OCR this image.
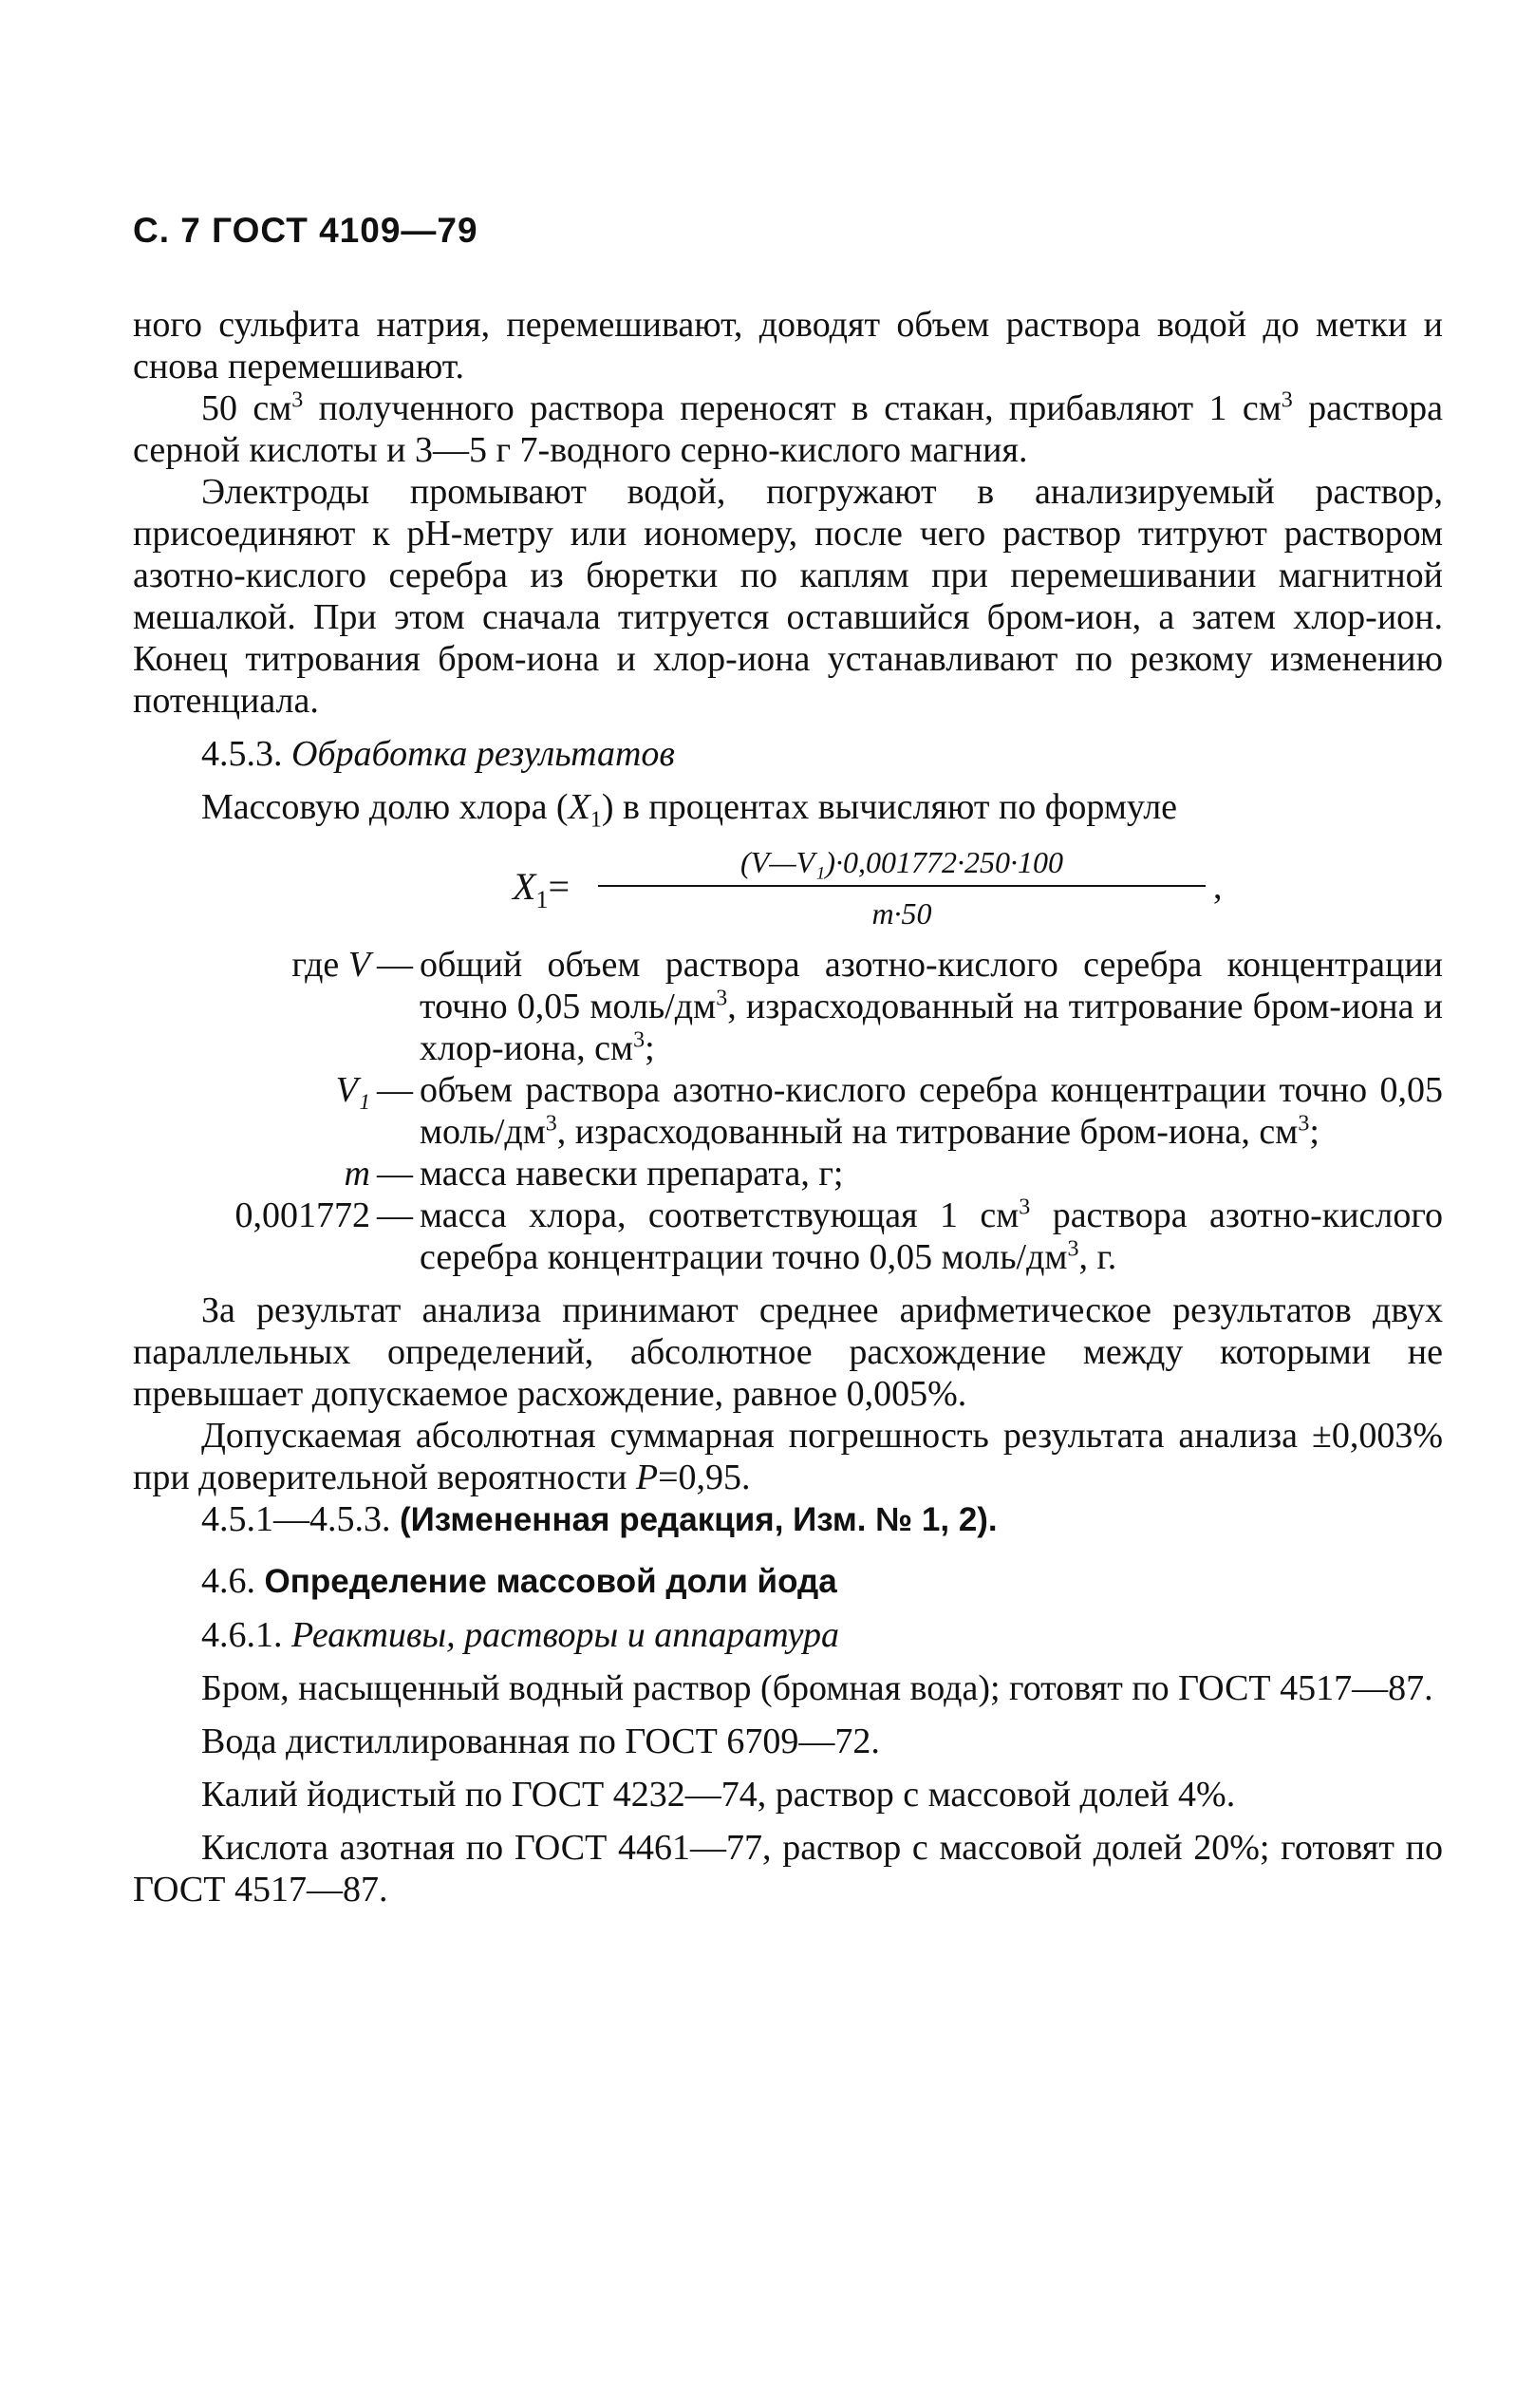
С. 7 ГОСТ 4109—79

ного сульфита натрия, перемешивают, доводят объем раствора водой до метки и снова перемешивают.

50 $см^3$ полученного раствора переносят в стакан, прибавляют 1 $см^3$ раствора серной кислоты и 3—5 г 7-водного серно-кислого магния.

Электроды промывают водой, погружают в анализируемый раствор, присоединяют к pH-метру или иономеру, после чего раствор титруют раствором азотно-кислого серебра из бюретки по каплям при перемешивании магнитной мешалкой. При этом сначала титруется оставшийся бром-ион, а затем хлор-ион. Конец титрования бром-иона и хлор-иона устанавливают по резкому изменению потенциала.

4.5.3. Обработка результатов

Массовую долю хлора $(X_1)$ в процентах вычисляют по формуле

$X_1=$
(V—V₁)·0,001772·250·100
m·50
,
где V — общий объем раствора азотно-кислого серебра концентрации точно 0,05 моль/$дм^3$, израсходованный на титрование бром-иона и хлор-иона, $см^3$;
V₁ — объем раствора азотно-кислого серебра концентрации точно 0,05 моль/$дм^3$, израсходованный на титрование бром-иона, $см^3$;
m — масса навески препарата, г;
0,001772 — масса хлора, соответствующая 1 $см^3$ раствора азотно-кислого серебра концентрации точно 0,05 моль/$дм^3$, г.

За результат анализа принимают среднее арифметическое результатов двух параллельных определений, абсолютное расхождение между которыми не превышает допускаемое расхождение, равное 0,005%.

Допускаемая абсолютная суммарная погрешность результата анализа ±0,003% при доверительной вероятности P=0,95.

4.5.1—4.5.3. (Измененная редакция, Изм. № 1, 2).

4.6. Определение массовой доли йода

4.6.1. Реактивы, растворы и аппаратура

Бром, насыщенный водный раствор (бромная вода); готовят по ГОСТ 4517—87.

Вода дистиллированная по ГОСТ 6709—72.

Калий йодистый по ГОСТ 4232—74, раствор с массовой долей 4%.

Кислота азотная по ГОСТ 4461—77, раствор с массовой долей 20%; готовят по ГОСТ 4517—87.
